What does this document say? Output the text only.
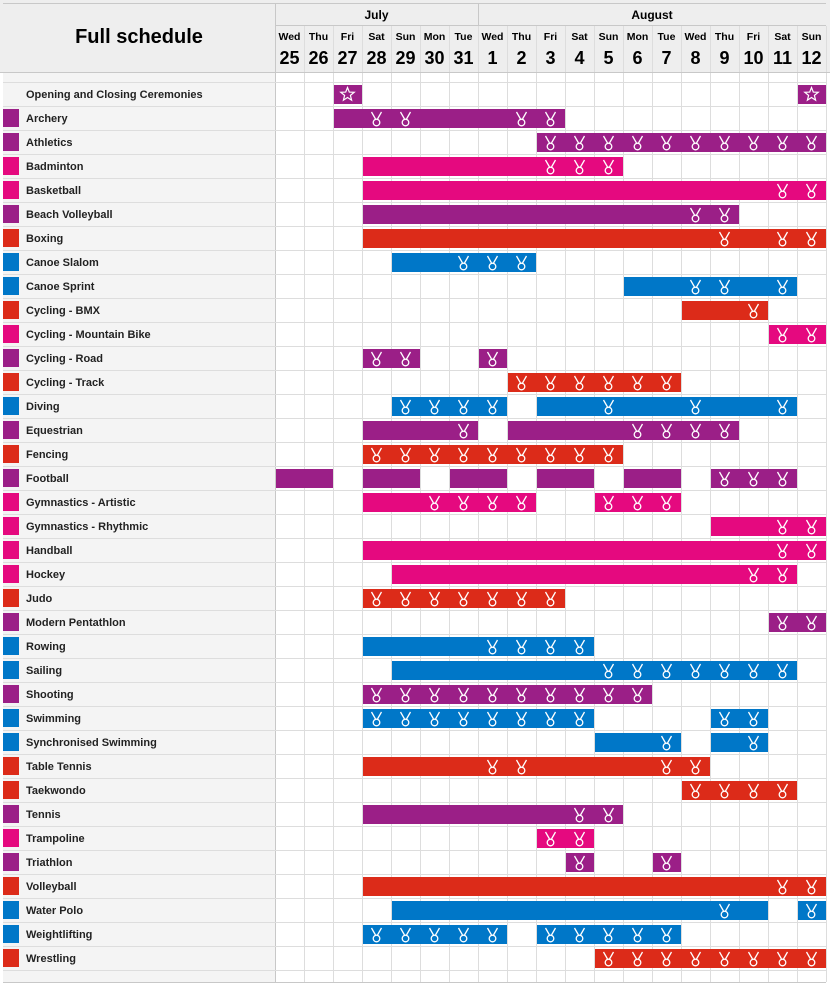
Full schedule
July	August
Wed
25
Thu
26
Fri
27
Sat
28
Sun
29
Mon
30
Tue
31
Wed
1
Thu
2
Fri
3
Sat
4
Sun
5
Mon
6
Tue
7
Wed
8
Thu
9
Fri
10
Sat
11
Sun
12
Opening and Closing Ceremonies
Archery
Athletics
Badminton
Basketball
Beach Volleyball
Boxing
Canoe Slalom
Canoe Sprint
Cycling - BMX
Cycling - Mountain Bike
Cycling - Road
Cycling - Track
Diving
Equestrian
Fencing
Football
Gymnastics - Artistic
Gymnastics - Rhythmic
Handball
Hockey
Judo
Modern Pentathlon
Rowing
Sailing
Shooting
Swimming
Synchronised Swimming
Table Tennis
Taekwondo
Tennis
Trampoline
Triathlon
Volleyball
Water Polo
Weightlifting
Wrestling
